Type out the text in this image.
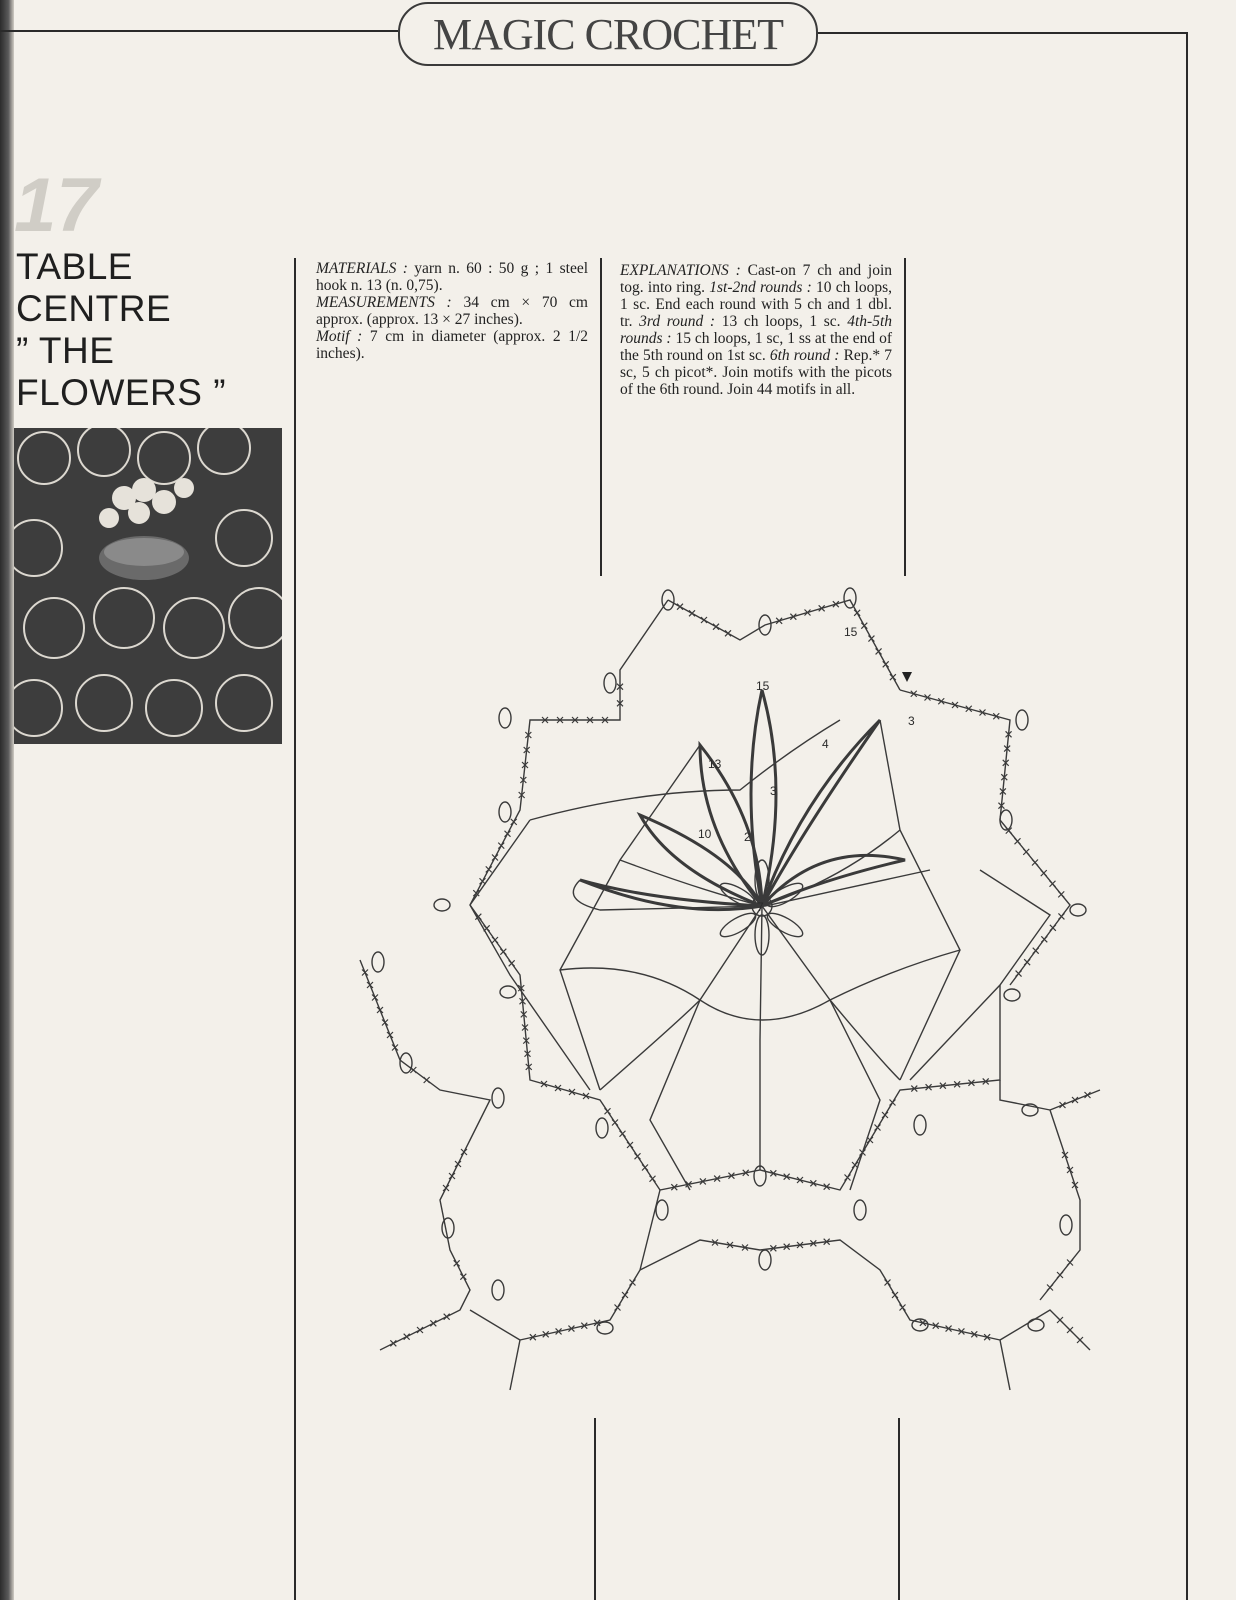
MAGIC CROCHET
17
TABLE
CENTRE
” THE
FLOWERS ”

MATERIALS : yarn n. 60 : 50 g ; 1 steel hook n. 13 (n. 0,75).

MEASUREMENTS : 34 cm × 70 cm approx. (approx. 13 × 27 inches).

Motif : 7 cm in diameter (approx. 2 1/2 inches).

EXPLANATIONS : Cast-on 7 ch and join tog. into ring. 1st-2nd rounds : 10 ch loops, 1 sc. End each round with 5 ch and 1 dbl. tr. 3rd round : 13 ch loops, 1 sc. 4th-5th rounds : 15 ch loops, 1 sc, 1 ss at the end of the 5th round on 1st sc. 6th round : Rep.* 7 sc, 5 ch picot*. Join motifs with the picots of the 6th round. Join 44 motifs in all.

7
10
13
15
15
2
3
3
4
